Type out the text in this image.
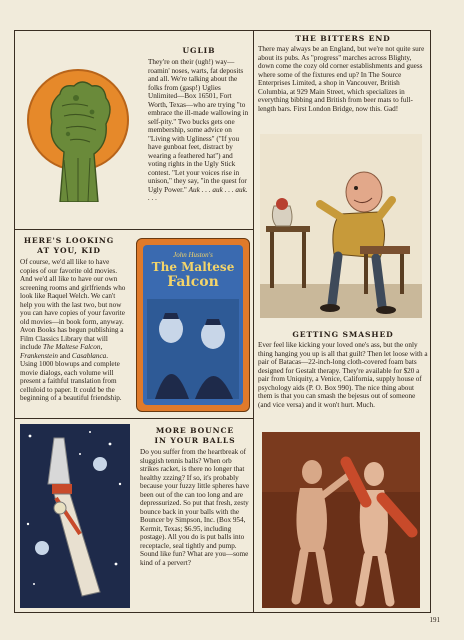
UGLIB
They're on their (ugh!) way—roamin' noses, warts, fat deposits and all. We're talking about the folks from (gasp!) Uglies Unlimited—Box 16501, Fort Worth, Texas—who are trying "to embrace the ill-made wallowing in self-pity." Two bucks gets one membership, some advice on "Living with Ugliness" ("If you have gunboat feet, distract by wearing a feathered hat") and voting rights in the Ugly Stick contest. "Let your voices rise in unison," they say, "in the quest for Ugly Power." Auk . . . auk . . . auk. . . .
THE BITTERS END
There may always be an England, but we're not quite sure about its pubs. As "progress" marches across Blighty, down come the cozy old corner establishments and guess where some of the fixtures end up? In The Source Enterprises Limited, a shop in Vancouver, British Columbia, at 929 Main Street, which specializes in everything bibbing and British from beer mats to full-length bars. First London Bridge, now this. Gad!
HERE'S LOOKING
AT YOU, KID
Of course, we'd all like to have copies of our favorite old movies. And we'd all like to have our own screening rooms and girlfriends who look like Raquel Welch. We can't help you with the last two, but now you can have copies of your favorite old movies—in book form, anyway. Avon Books has begun publishing a Film Classics Library that will include The Maltese Falcon, Frankenstein and Casablanca. Using 1000 blowups and complete movie dialogs, each volume will present a faithful translation from celluloid to paper. It could be the beginning of a beautiful friendship.
John Huston's
The Maltese
Falcon
GETTING SMASHED
Ever feel like kicking your loved one's ass, but the only thing hanging you up is all that guilt? Then let loose with a pair of Batacas—22-inch-long cloth-covered foam bats designed for Gestalt therapy. They're available for $20 a pair from Uniquity, a Venice, California, supply house of psychology aids (P. O. Box 990). The nice thing about them is that you can smash the bejesus out of someone (and vice versa) and it won't hurt. Much.
MORE BOUNCE
IN YOUR BALLS
Do you suffer from the heartbreak of sluggish tennis balls? When orb strikes racket, is there no longer that healthy zzzing? If so, it's probably because your fuzzy little spheres have been out of the can too long and are depressurized. So put that fresh, zesty bounce back in your balls with the Bouncer by Simpson, Inc. (Box 954, Kermit, Texas; $6.95, including postage). All you do is put balls into receptacle, seal tightly and pump. Sound like fun? What are you—some kind of a pervert?
191
